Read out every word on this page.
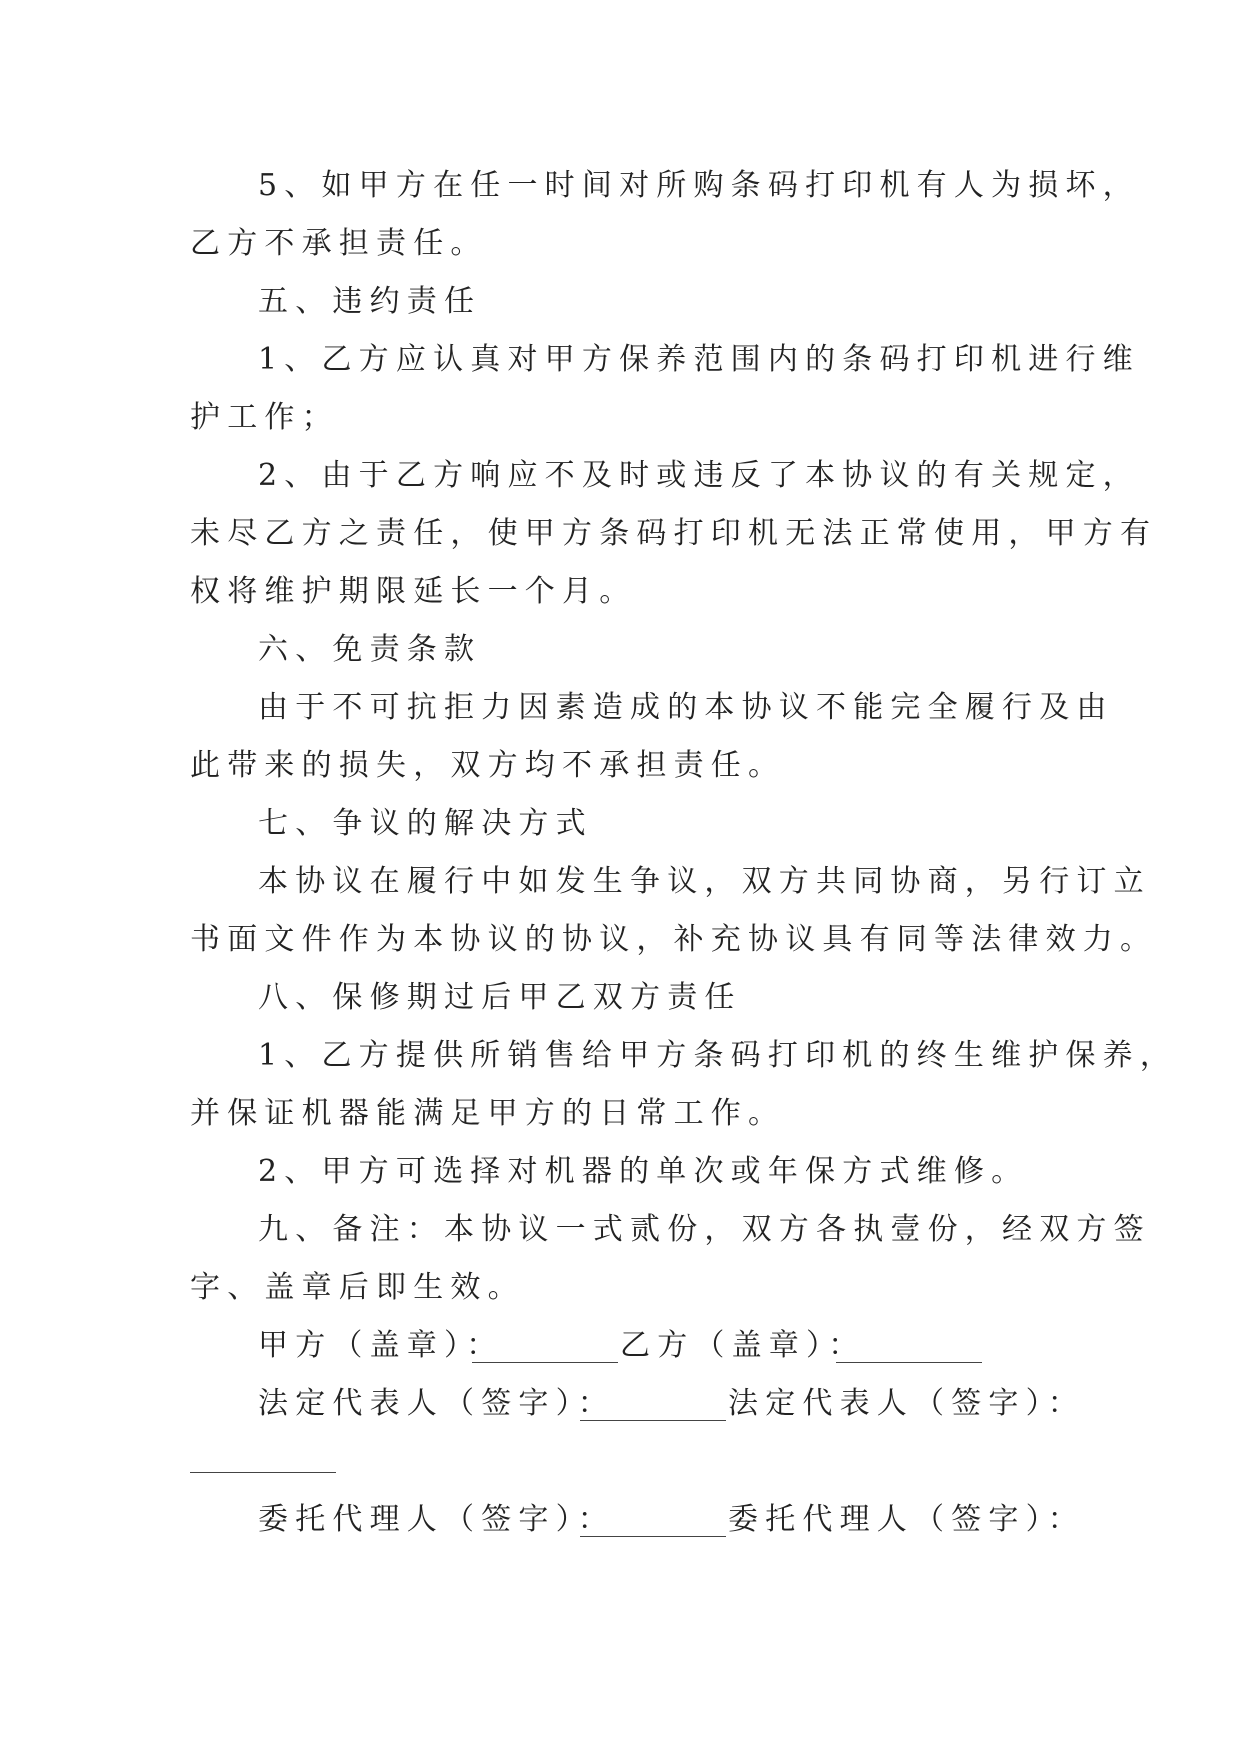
5、如甲方在任一时间对所购条码打印机有人为损坏，
乙方不承担责任。
五、违约责任
1、乙方应认真对甲方保养范围内的条码打印机进行维
护工作；
2、由于乙方响应不及时或违反了本协议的有关规定，
未尽乙方之责任，使甲方条码打印机无法正常使用，甲方有
权将维护期限延长一个月。
六、免责条款
由于不可抗拒力因素造成的本协议不能完全履行及由
此带来的损失，双方均不承担责任。
七、争议的解决方式
本协议在履行中如发生争议，双方共同协商，另行订立
书面文件作为本协议的协议，补充协议具有同等法律效力。
八、保修期过后甲乙双方责任
1、乙方提供所销售给甲方条码打印机的终生维护保养，
并保证机器能满足甲方的日常工作。
2、甲方可选择对机器的单次或年保方式维修。
九、备注：本协议一式贰份，双方各执壹份，经双方签
字、盖章后即生效。
甲方（盖章）：	乙方（盖章）：
法定代表人（签字）：	法定代表人（签字）：
委托代理人（签字）：	委托代理人（签字）：
